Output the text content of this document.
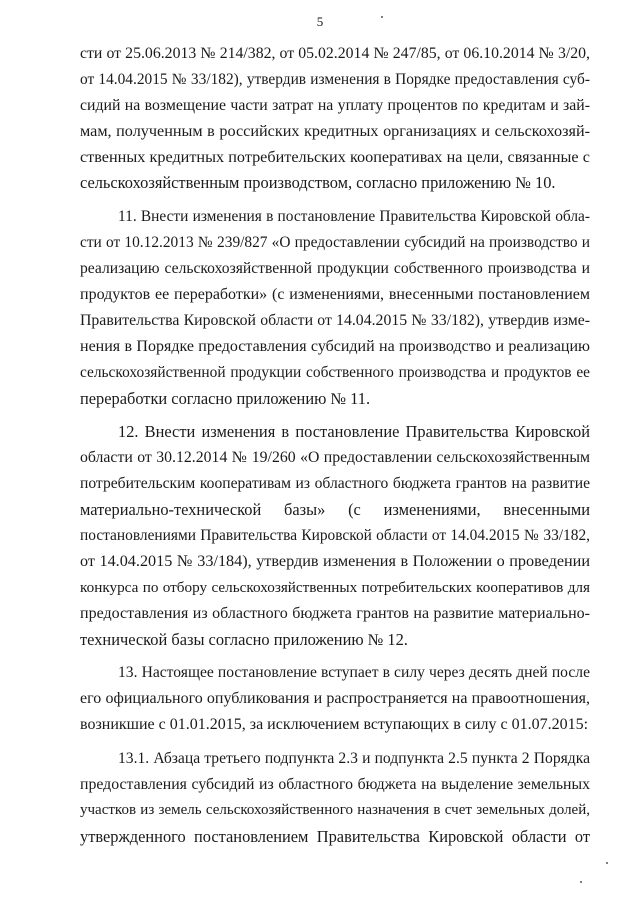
5
сти от 25.06.2013 № 214/382, от 05.02.2014 № 247/85, от 06.10.2014 № 3/20,
от 14.04.2015 № 33/182), утвердив изменения в Порядке предоставления суб-
сидий на возмещение части затрат на уплату процентов по кредитам и зай-
мам, полученным в российских кредитных организациях и сельскохозяй-
ственных кредитных потребительских кооперативах на цели, связанные с
сельскохозяйственным производством, согласно приложению № 10.
11. Внести изменения в постановление Правительства Кировской обла-
сти от 10.12.2013 № 239/827 «О предоставлении субсидий на производство и
реализацию сельскохозяйственной продукции собственного производства и
продуктов ее переработки» (с изменениями, внесенными постановлением
Правительства Кировской области от 14.04.2015 № 33/182), утвердив изме-
нения в Порядке предоставления субсидий на производство и реализацию
сельскохозяйственной продукции собственного производства и продуктов ее
переработки согласно приложению № 11.
12. Внести изменения в постановление Правительства Кировской
области от 30.12.2014 № 19/260 «О предоставлении сельскохозяйственным
потребительским кооперативам из областного бюджета грантов на развитие
материально-технической базы» (с изменениями, внесенными
постановлениями Правительства Кировской области от 14.04.2015 № 33/182,
от 14.04.2015 № 33/184), утвердив изменения в Положении о проведении
конкурса по отбору сельскохозяйственных потребительских кооперативов для
предоставления из областного бюджета грантов на развитие материально-
технической базы согласно приложению № 12.
13. Настоящее постановление вступает в силу через десять дней после
его официального опубликования и распространяется на правоотношения,
возникшие с 01.01.2015, за исключением вступающих в силу с 01.07.2015:
13.1. Абзаца третьего подпункта 2.3 и подпункта 2.5 пункта 2 Порядка
предоставления субсидий из областного бюджета на выделение земельных
участков из земель сельскохозяйственного назначения в счет земельных долей,
утвержденного постановлением Правительства Кировской области от
